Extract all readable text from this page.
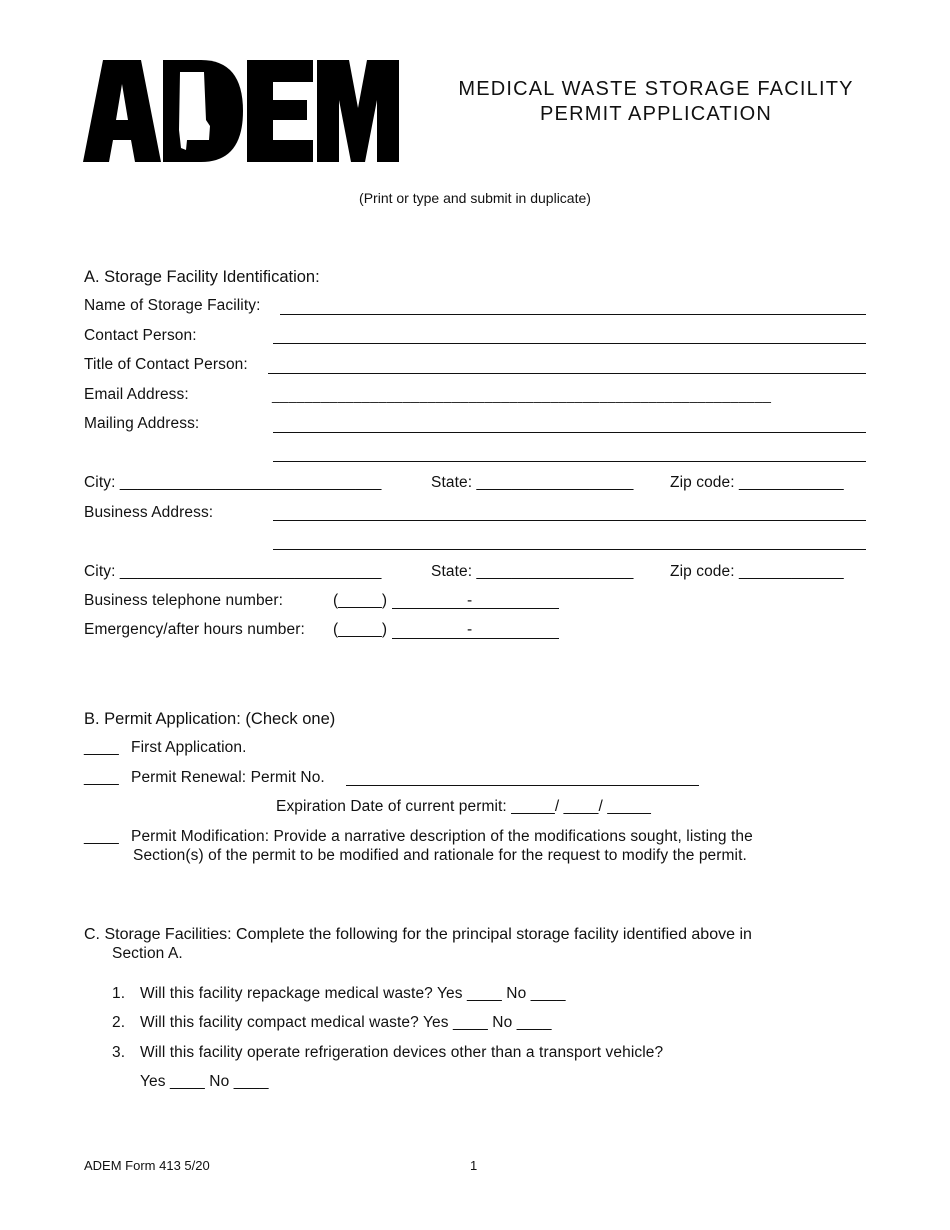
MEDICAL WASTE STORAGE FACILITY
PERMIT APPLICATION
(Print or type and submit in duplicate)
A. Storage Facility Identification:
Name of Storage Facility:
Contact Person:
Title of Contact Person:
Email Address:	_____________________________________________________________
Mailing Address:
City: ______________________________	State: __________________ Zip code: ____________
Business Address:
City: ______________________________	State: __________________ Zip code: ____________
Business telephone number:	(_____)	-
Emergency/after hours number: (_____)	-
B. Permit Application: (Check one)
____ First Application.
____ Permit Renewal: Permit No.
Expiration Date of current permit: _____/ ____/ _____
____ Permit Modification: Provide a narrative description of the modifications sought, listing the
Section(s) of the permit to be modified and rationale for the request to modify the permit.
C. Storage Facilities: Complete the following for the principal storage facility identified above in
Section A.
1. Will this facility repackage medical waste? Yes ____ No ____
2. Will this facility compact medical waste? Yes ____ No ____
3. Will this facility operate refrigeration devices other than a transport vehicle?
Yes ____ No ____
ADEM Form 413 5/20	1
